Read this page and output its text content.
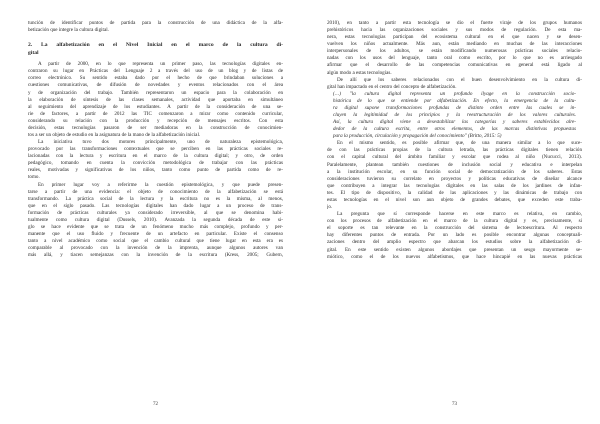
tunción de identificar puntos de partida para la construcción de una didáctica de la alfa-
betización que integre la cultura digital.
2. La alfabetización en el Nivel Inicial en el marco de la cultura di-
gital
A partir de 2000, en lo que representa un primer paso, las tecnologías digitales en-
contraron su lugar en Prácticas del Lenguaje 2 a través del uso de un blog y de listas de
correo electrónico. Su sentido estaba dado por el hecho de que brindaban soluciones a
cuestiones comunicativas, de difusión de novedades y eventos relacionados con el área
y de organización del trabajo. También representaron un espacio para la colaboración en
la elaboración de síntesis de las clases semanales, actividad que aportaba en simultáneo
al seguimiento del aprendizaje de los estudiantes. A partir de la consideración de una se-
rie de factores, a partir de 2012 las TIC comenzaron a mirar como contenido curricular,
considerando su relación con la producción y recepción de mensajes escritos. Con esta
decisión, estas tecnologías pasaron de ser mediadoras en la construcción de conocimien-
tos a ser un objeto de estudio en la asignatura de la mano de la alfabetización inicial.
La iniciativa tuvo dos motores principalmente, uno de naturaleza epistemológica,
provocado por las transformaciones contextuales que se perciben en las prácticas sociales re-
lacionadas con la lectura y escritura en el marco de la cultura digital; y otro, de orden
pedagógico, tomando en cuenta la convicción metodológica de trabajar con las prácticas
reales, motivadas y significativas de los niños, tanto como punto de partida como de re-
tomo.
En primer lugar voy a referirme la cuestión epistemológica, y que puede presen-
tarse a partir de una evidencia: el objeto de conocimiento de la alfabetización se está
transformando. La práctica social de la lectura y la escritura no es la misma, al menos,
que en el siglo pasado. Las tecnologías digitales han dado lugar a un proceso de trans-
formación de prácticas culturales ya considerado irreversible, al que se denomina habi-
tualmente como cultura digital (Dussels, 2010). Avanzada la segunda década de este si-
glo se hace evidente que se trata de un fenómeno mucho más complejo, profundo y per-
manente que el uso fluido y frecuente de un artefacto en particular. Existe el consenso
tanto a nivel académico como social que el cambio cultural que tiene lugar en esta era es
comparable al provocado con la invención de la imprenta, aunque algunos autores van
más allá, y tiacen semejanzas con la invención de la escritura (Kress, 2005; Gubern,
72
2010), en tanto a partir esta tecnología se dio el fuerte viraje de los grupos humanos
prehistóricos hacia las organizaciones sociales y sus modos de regulación. De esta ma-
nera, estas tecnologías participan del ecosistema cultural en el que nacen y se desen-
vuelven los niños actualmente. Más aun, están mediando en muchas de las interacciones
interpersonales de los adultos, se están modificando numerosas prácticas sociales relacio-
nadas con los usos del lenguaje, tanto oral como escrito, por lo que no es arriesgado
afirmar que el desarrollo de las competencias comunicativas en general está ligado al
algún modo a estas tecnologías.
De allí que los saberes relacionados con el buen desenvolvimiento en la cultura di-
gital han impactado en el centro del concepto de alfabetización.
(…) "la cultura digital representa un profundo ilyage en la construcción socio-
histórica de lo que se entiende por alfabetización. En efecto, la emergencia de la cultu-
ra digital supone transformaciones profundas de distinto orden entre las cuales se in-
cluyen la legitimidad de los principios y la reestructuración de los valores culturales.
Así, la cultura digital viene a desestabilizar las categorías y saberes establecidos alre-
dedor de la cultura escrita, entre otros elementos, de las marcas distintivas propuestas
para la producción, circulación y propagación del conocimiento" (Britto, 2015: 5)
En el mismo sentido, es posible afirmar que, de una manera similar a lo que suce-
de con las prácticas propias de la cultura letrada, las prácticas digitales tienen relación
con el capital cultural del ámbito familiar y escolar que rodea al niño (Nucucci, 2013).
Paralelamente, plantean también cuestiones de inclusión social y educativa e interpelan
a la institución escolar, en su función social de democratización de los saberes. Estas
consideraciones tuvieron su correlato en proyectos y políticas educativas de diseñar alcance
que contribuyen a integrar las tecnologías digitales en las salas de los jardines de infan-
tes. El tipo de dispositivo, la calidad de las aplicaciones y las dinámicas de trabajo con
estas tecnologías en el nivel son aun objeto de grandes debates, que exceden este traba-
jo.
La pregunta que sí corresponde hacerse en este marco es relativa, en cambio,
con los procesos de alfabetización en el marco de la cultura digital y es, precisamente, si
el soporte es tan relevante en la construcción del sistema de lectoescritura. Al respecto
hay diferentes puntos de entrada. Por un lado es posible encontrar algunas conceptuali-
zaciones dentro del amplio espectro que abarcan los estudios sobre la alfabetización di-
gital. En este sentido existen algunos abordajes que presentan un sesgo mayormente se-
miótico, como el de los nuevos alfabetismos, que hace hincapié en las nuevas prácticas
73
